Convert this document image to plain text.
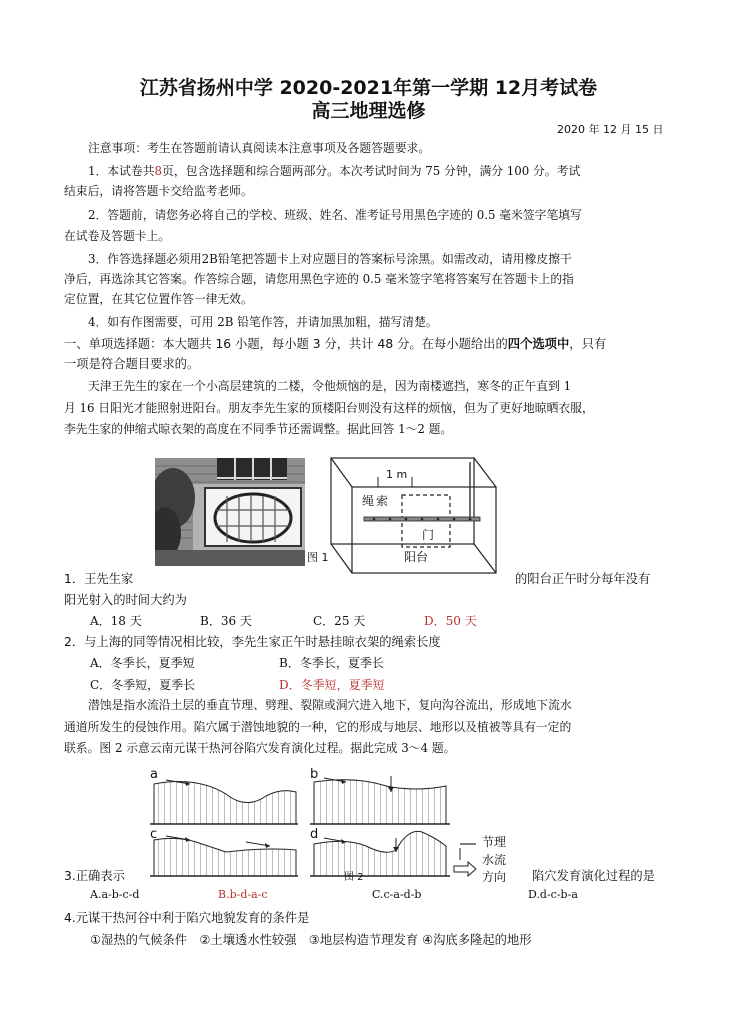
江苏省扬州中学 2020-2021年第一学期 12月考试卷
高三地理选修
2020 年 12 月 15 日
注意事项：考生在答题前请认真阅读本注意事项及各题答题要求。
1．本试卷共8页，包含选择题和综合题两部分。本次考试时间为 75 分钟，满分 100 分。考试
结束后，请将答题卡交给监考老师。
2．答题前，请您务必将自己的学校、班级、姓名、准考证号用黑色字迹的 0.5 毫米签字笔填写
在试卷及答题卡上。
3．作答选择题必须用2B铅笔把答题卡上对应题目的答案标号涂黑。如需改动，请用橡皮擦干
净后，再选涂其它答案。作答综合题，请您用黑色字迹的 0.5 毫米签字笔将答案写在答题卡上的指
定位置，在其它位置作答一律无效。
4．如有作图需要，可用 2B 铅笔作答，并请加黑加粗，描写清楚。
一、单项选择题：本大题共 16 小题，每小题 3 分，共计 48 分。在每小题给出的四个选项中，只有
一项是符合题目要求的。
天津王先生的家在一个小高层建筑的二楼，令他烦恼的是，因为南楼遮挡，寒冬的正午直到 1
月 16 日阳光才能照射进阳台。朋友李先生家的顶楼阳台则没有这样的烦恼，但为了更好地晾晒衣服，
李先生家的伸缩式晾衣架的高度在不同季节还需调整。据此回答 1～2 题。
图 1
1 m
绳 索
门
阳台
1．王先生家	的阳台正午时分每年没有
阳光射入的时间大约为
A．18 天	B．36 天	C．25 天	D．50 天
2．与上海的同等情况相比较，李先生家正午时悬挂晾衣架的绳索长度
A．冬季长，夏季短	B．冬季长，夏季长
C．冬季短，夏季长	D．冬季短，夏季短
潜蚀是指水流沿土层的垂直节理、劈理、裂隙或洞穴进入地下，复向沟谷流出，形成地下流水
通道所发生的侵蚀作用。陷穴属于潜蚀地貌的一种，它的形成与地层、地形以及植被等具有一定的
联系。图 2 示意云南元谋干热河谷陷穴发育演化过程。据此完成 3～4 题。
a	b
c	d
图 2
节理
水流
方向
3.正确表示	陷穴发育演化过程的是
A.a-b-c-d	B.b-d-a-c	C.c-a-d-b	D.d-c-b-a
4.元谋干热河谷中利于陷穴地貌发育的条件是
①湿热的气候条件　②土壤透水性较强　③地层构造节理发育 ④沟底多隆起的地形
